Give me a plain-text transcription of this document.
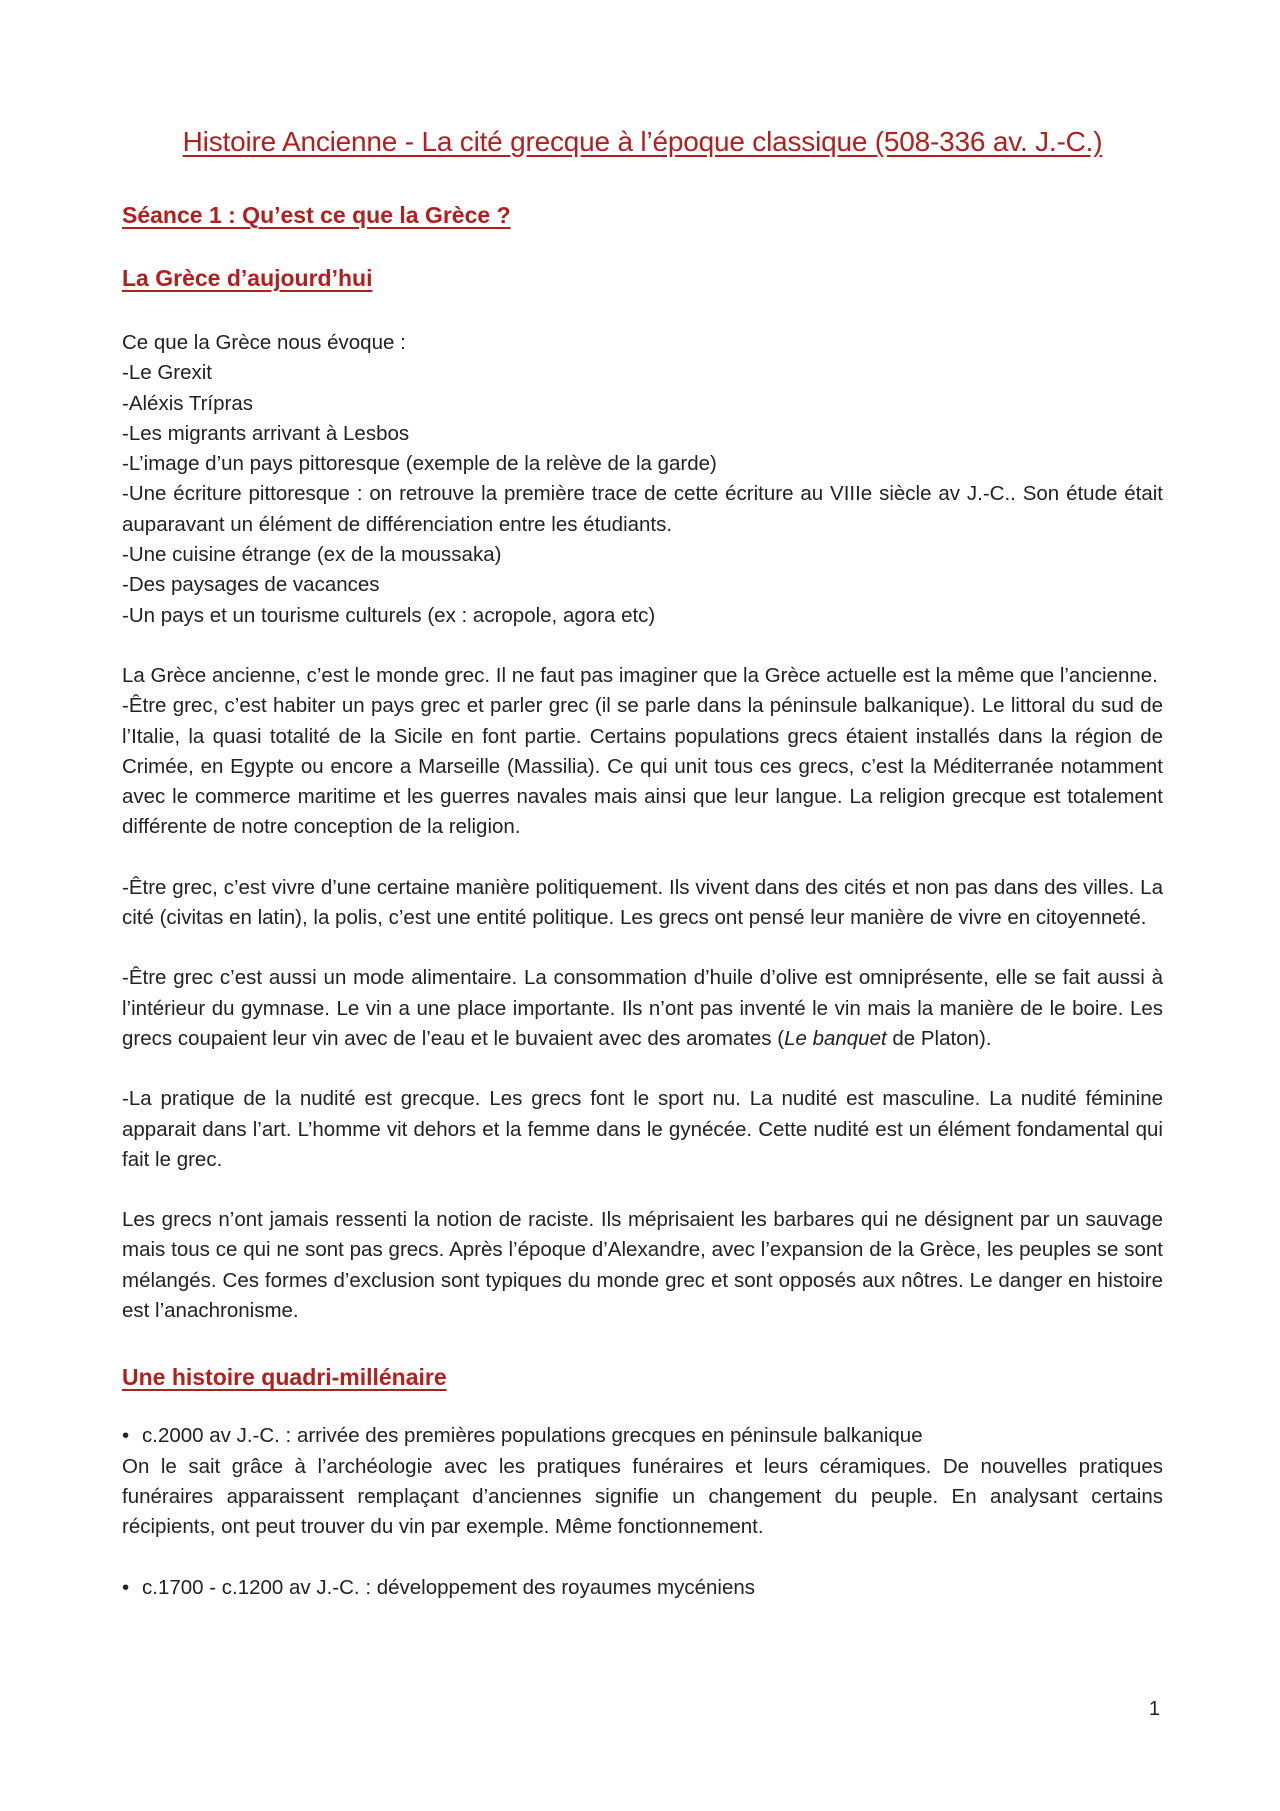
Histoire Ancienne - La cité grecque à l’époque classique (508-336 av. J.-C.)
Séance 1 : Qu’est ce que la Grèce ?
La Grèce d’aujourd’hui

Ce que la Grèce nous évoque :

-Le Grexit

-Aléxis Trípras

-Les migrants arrivant à Lesbos

-L’image d’un pays pittoresque (exemple de la relève de la garde)

-Une écriture pittoresque : on retrouve la première trace de cette écriture au VIIIe siècle av J.-C.. Son étude était auparavant un élément de différenciation entre les étudiants.

-Une cuisine étrange (ex de la moussaka)

-Des paysages de vacances

-Un pays et un tourisme culturels (ex : acropole, agora etc)

La Grèce ancienne, c’est le monde grec. Il ne faut pas imaginer que la Grèce actuelle est la même que l’ancienne.

-Être grec, c’est habiter un pays grec et parler grec (il se parle dans la péninsule balkanique). Le littoral du sud de l’Italie, la quasi totalité de la Sicile en font partie. Certains populations grecs étaient installés dans la région de Crimée, en Egypte ou encore a Marseille (Massilia). Ce qui unit tous ces grecs, c’est la Méditerranée notamment avec le commerce maritime et les guerres navales mais ainsi que leur langue. La religion grecque est totalement différente de notre conception de la religion.

-Être grec, c’est vivre d’une certaine manière politiquement. Ils vivent dans des cités et non pas dans des villes. La cité (civitas en latin), la polis, c’est une entité politique. Les grecs ont pensé leur manière de vivre en citoyenneté.

-Être grec c’est aussi un mode alimentaire. La consommation d’huile d’olive est omniprésente, elle se fait aussi à l’intérieur du gymnase. Le vin a une place importante. Ils n’ont pas inventé le vin mais la manière de le boire. Les grecs coupaient leur vin avec de l’eau et le buvaient avec des aromates (Le banquet de Platon).

-La pratique de la nudité est grecque. Les grecs font le sport nu. La nudité est masculine. La nudité féminine apparait dans l’art. L’homme vit dehors et la femme dans le gynécée. Cette nudité est un élément fondamental qui fait le grec.

Les grecs n’ont jamais ressenti la notion de raciste. Ils méprisaient les barbares qui ne désignent par un sauvage mais tous ce qui ne sont pas grecs. Après l’époque d’Alexandre, avec l’expansion de la Grèce, les peuples se sont mélangés. Ces formes d’exclusion sont typiques du monde grec et sont opposés aux nôtres. Le danger en histoire est l’anachronisme.

Une histoire quadri-millénaire

• c.2000 av J.-C. : arrivée des premières populations grecques en péninsule balkanique

On le sait grâce à l’archéologie avec les pratiques funéraires et leurs céramiques. De nouvelles pratiques funéraires apparaissent remplaçant d’anciennes signifie un changement du peuple. En analysant certains récipients, ont peut trouver du vin par exemple. Même fonctionnement.

• c.1700 - c.1200 av J.-C. : développement des royaumes mycéniens

1
